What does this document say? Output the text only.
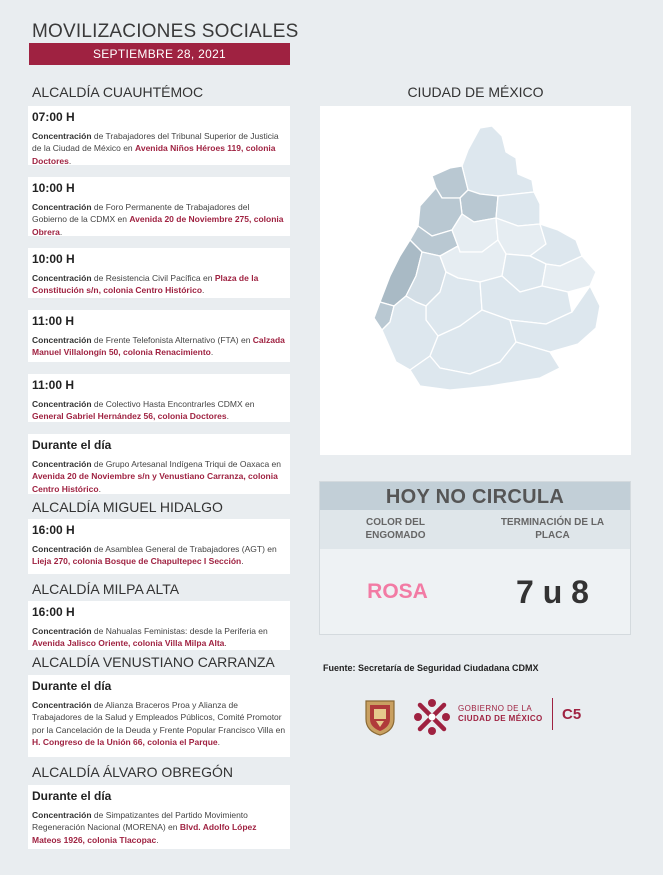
MOVILIZACIONES SOCIALES
SEPTIEMBRE 28, 2021
ALCALDÍA CUAUHTÉMOC
ALCALDÍA MIGUEL HIDALGO
ALCALDÍA MILPA ALTA
ALCALDÍA VENUSTIANO CARRANZA
ALCALDÍA ÁLVARO OBREGÓN
07:00 H
Concentración de Trabajadores del Tribunal Superior de Justicia de la Ciudad de México en Avenida Niños Héroes 119, colonia Doctores.
10:00 H
Concentración de Foro Permanente de Trabajadores del Gobierno de la CDMX en Avenida 20 de Noviembre 275, colonia Obrera.
10:00 H
Concentración de Resistencia Civil Pacífica en Plaza de la Constitución s/n, colonia Centro Histórico.
11:00 H
Concentración de Frente Telefonista Alternativo (FTA) en Calzada Manuel Villalongín 50, colonia Renacimiento.
11:00 H
Concentración de Colectivo Hasta Encontrarles CDMX en General Gabriel Hernández 56, colonia Doctores.
Durante el día
Concentración de Grupo Artesanal Indígena Triqui de Oaxaca en Avenida 20 de Noviembre s/n y Venustiano Carranza, colonia Centro Histórico.
16:00 H
Concentración de Asamblea General de Trabajadores (AGT) en Lieja 270, colonia Bosque de Chapultepec I Sección.
16:00 H
Concentración de Nahualas Feministas: desde la Periferia en Avenida Jalisco Oriente, colonia Villa Milpa Alta.
Durante el día
Concentración de Alianza Braceros Proa y Alianza de Trabajadores de la Salud y Empleados Públicos, Comité Promotor por la Cancelación de la Deuda y Frente Popular Francisco Villa en H. Congreso de la Unión 66, colonia el Parque.
Durante el día
Concentración de Simpatizantes del Partido Movimiento Regeneración Nacional (MORENA) en Blvd. Adolfo López Mateos 1926, colonia Tlacopac.
CIUDAD DE MÉXICO
HOY NO CIRCULA
COLOR DEL ENGOMADO
TERMINACIÓN DE LA PLACA
ROSA	7 u 8
Fuente: Secretaría de Seguridad Ciudadana CDMX
GOBIERNO DE LA
CIUDAD DE MÉXICO C5
